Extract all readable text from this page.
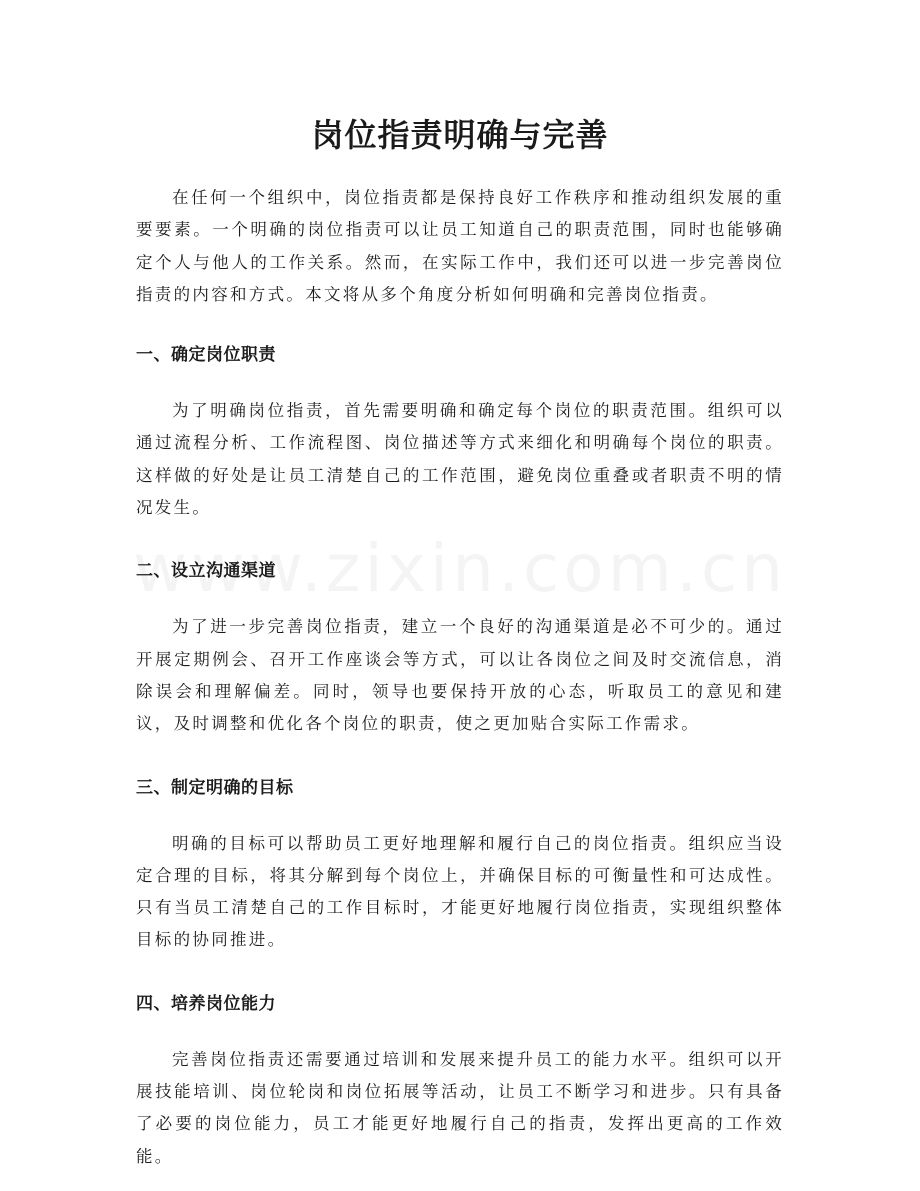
岗位指责明确与完善

在任何一个组织中，岗位指责都是保持良好工作秩序和推动组织发展的重要要素。一个明确的岗位指责可以让员工知道自己的职责范围，同时也能够确定个人与他人的工作关系。然而，在实际工作中，我们还可以进一步完善岗位指责的内容和方式。本文将从多个角度分析如何明确和完善岗位指责。

一、确定岗位职责

为了明确岗位指责，首先需要明确和确定每个岗位的职责范围。组织可以通过流程分析、工作流程图、岗位描述等方式来细化和明确每个岗位的职责。这样做的好处是让员工清楚自己的工作范围，避免岗位重叠或者职责不明的情况发生。

二、设立沟通渠道

为了进一步完善岗位指责，建立一个良好的沟通渠道是必不可少的。通过开展定期例会、召开工作座谈会等方式，可以让各岗位之间及时交流信息，消除误会和理解偏差。同时，领导也要保持开放的心态，听取员工的意见和建议，及时调整和优化各个岗位的职责，使之更加贴合实际工作需求。

三、制定明确的目标

明确的目标可以帮助员工更好地理解和履行自己的岗位指责。组织应当设定合理的目标，将其分解到每个岗位上，并确保目标的可衡量性和可达成性。只有当员工清楚自己的工作目标时，才能更好地履行岗位指责，实现组织整体目标的协同推进。

四、培养岗位能力

完善岗位指责还需要通过培训和发展来提升员工的能力水平。组织可以开展技能培训、岗位轮岗和岗位拓展等活动，让员工不断学习和进步。只有具备了必要的岗位能力，员工才能更好地履行自己的指责，发挥出更高的工作效能。
